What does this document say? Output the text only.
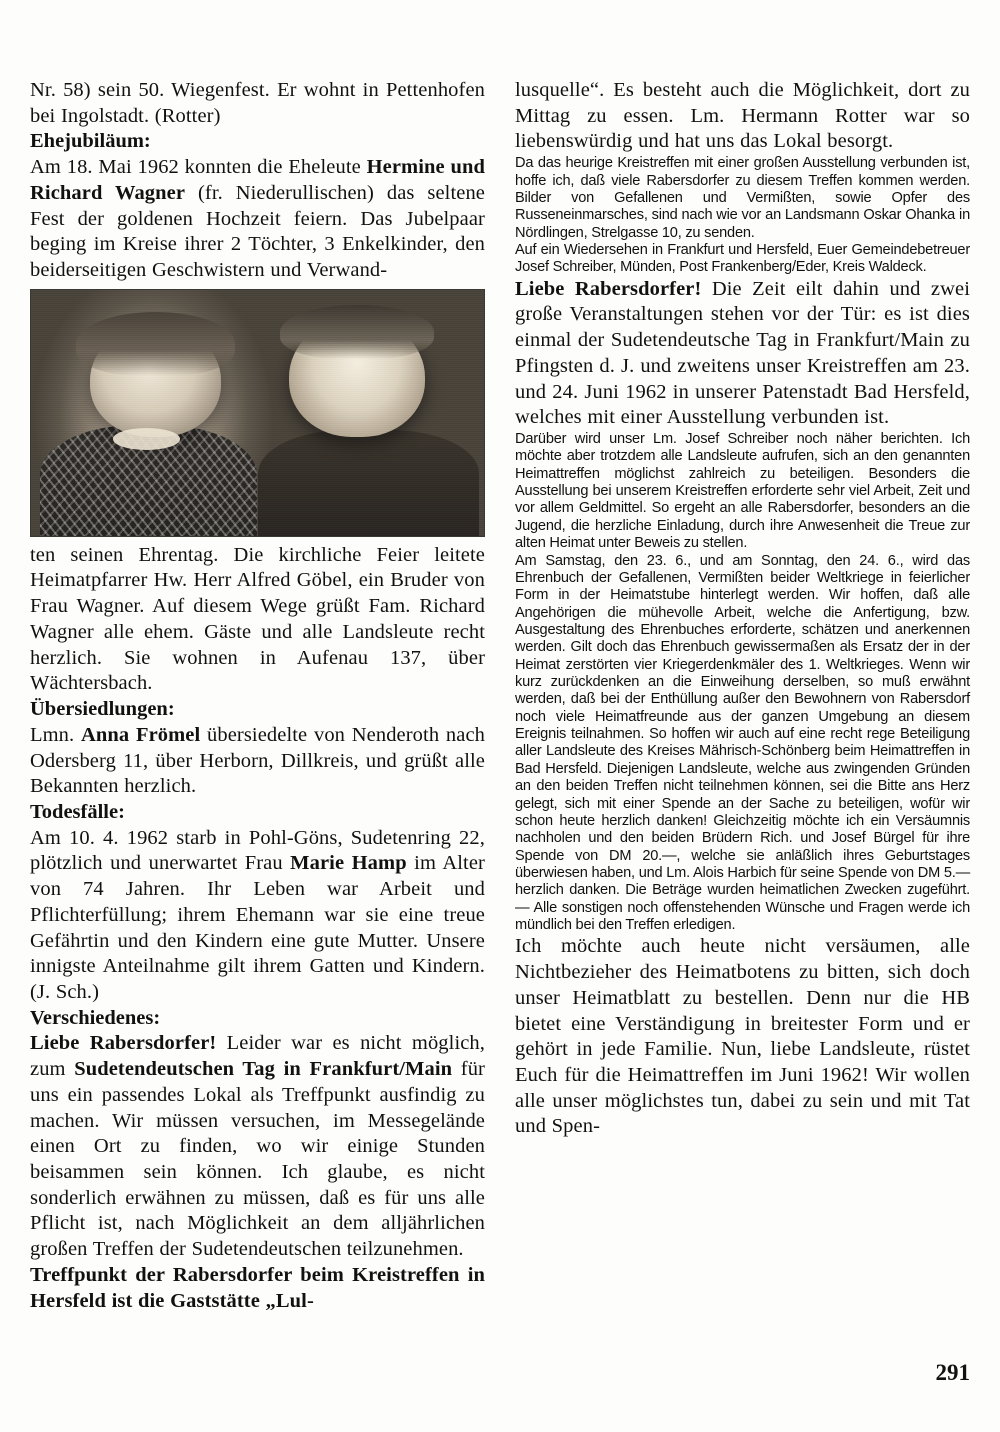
Nr. 58) sein 50. Wiegenfest. Er wohnt in Pettenhofen bei Ingolstadt. (Rotter)

Ehejubiläum:

Am 18. Mai 1962 konnten die Eheleute Hermine und Richard Wagner (fr. Niederullischen) das seltene Fest der goldenen Hochzeit feiern. Das Jubelpaar beging im Kreise ihrer 2 Töchter, 3 Enkelkinder, den beiderseitigen Geschwistern und Verwand-

ten seinen Ehrentag. Die kirchliche Feier leitete Heimatpfarrer Hw. Herr Alfred Göbel, ein Bruder von Frau Wagner. Auf diesem Wege grüßt Fam. Richard Wagner alle ehem. Gäste und alle Landsleute recht herzlich. Sie wohnen in Aufenau 137, über Wächtersbach.

Übersiedlungen:

Lmn. Anna Frömel übersiedelte von Nenderoth nach Odersberg 11, über Herborn, Dillkreis, und grüßt alle Bekannten herzlich.

Todesfälle:

Am 10. 4. 1962 starb in Pohl-Göns, Sudetenring 22, plötzlich und unerwartet Frau Marie Hamp im Alter von 74 Jahren. Ihr Leben war Arbeit und Pflichterfüllung; ihrem Ehemann war sie eine treue Gefährtin und den Kindern eine gute Mutter. Unsere innigste Anteilnahme gilt ihrem Gatten und Kindern. (J. Sch.)

Verschiedenes:

Liebe Rabersdorfer! Leider war es nicht möglich, zum Sudetendeutschen Tag in Frankfurt/Main für uns ein passendes Lokal als Treffpunkt ausfindig zu machen. Wir müssen versuchen, im Messegelände einen Ort zu finden, wo wir einige Stunden beisammen sein können. Ich glaube, es nicht sonderlich erwähnen zu müssen, daß es für uns alle Pflicht ist, nach Möglichkeit an dem alljährlichen großen Treffen der Sudetendeutschen teilzunehmen.

Treffpunkt der Rabersdorfer beim Kreistreffen in Hersfeld ist die Gaststätte „Lul-

lusquelle“. Es besteht auch die Möglichkeit, dort zu Mittag zu essen. Lm. Hermann Rotter war so liebenswürdig und hat uns das Lokal besorgt.

Da das heurige Kreistreffen mit einer großen Ausstellung verbunden ist, hoffe ich, daß viele Rabersdorfer zu diesem Treffen kommen werden. Bilder von Gefallenen und Vermißten, sowie Opfer des Russeneinmarsches, sind nach wie vor an Landsmann Oskar Ohanka in Nördlingen, Strelgasse 10, zu senden.

Auf ein Wiedersehen in Frankfurt und Hersfeld, Euer Gemeindebetreuer Josef Schreiber, Münden, Post Frankenberg/Eder, Kreis Waldeck.

Liebe Rabersdorfer! Die Zeit eilt dahin und zwei große Veranstaltungen stehen vor der Tür: es ist dies einmal der Sudetendeutsche Tag in Frankfurt/Main zu Pfingsten d. J. und zweitens unser Kreistreffen am 23. und 24. Juni 1962 in unserer Patenstadt Bad Hersfeld, welches mit einer Ausstellung verbunden ist.

Darüber wird unser Lm. Josef Schreiber noch näher berichten. Ich möchte aber trotzdem alle Landsleute aufrufen, sich an den genannten Heimattreffen möglichst zahlreich zu beteiligen. Besonders die Ausstellung bei unserem Kreistreffen erforderte sehr viel Arbeit, Zeit und vor allem Geldmittel. So ergeht an alle Rabersdorfer, besonders an die Jugend, die herzliche Einladung, durch ihre Anwesenheit die Treue zur alten Heimat unter Beweis zu stellen.

Am Samstag, den 23. 6., und am Sonntag, den 24. 6., wird das Ehrenbuch der Gefallenen, Vermißten beider Weltkriege in feierlicher Form in der Heimatstube hinterlegt werden. Wir hoffen, daß alle Angehörigen die mühevolle Arbeit, welche die Anfertigung, bzw. Ausgestaltung des Ehrenbuches erforderte, schätzen und anerkennen werden. Gilt doch das Ehrenbuch gewissermaßen als Ersatz der in der Heimat zerstörten vier Kriegerdenkmäler des 1. Weltkrieges. Wenn wir kurz zurückdenken an die Einweihung derselben, so muß erwähnt werden, daß bei der Enthüllung außer den Bewohnern von Rabersdorf noch viele Heimatfreunde aus der ganzen Umgebung an diesem Ereignis teilnahmen. So hoffen wir auch auf eine recht rege Beteiligung aller Landsleute des Kreises Mährisch-Schönberg beim Heimattreffen in Bad Hersfeld. Diejenigen Landsleute, welche aus zwingenden Gründen an den beiden Treffen nicht teilnehmen können, sei die Bitte ans Herz gelegt, sich mit einer Spende an der Sache zu beteiligen, wofür wir schon heute herzlich danken! Gleichzeitig möchte ich ein Versäumnis nachholen und den beiden Brüdern Rich. und Josef Bürgel für ihre Spende von DM 20.—, welche sie anläßlich ihres Geburtstages überwiesen haben, und Lm. Alois Harbich für seine Spende von DM 5.— herzlich danken. Die Beträge wurden heimatlichen Zwecken zugeführt. — Alle sonstigen noch offenstehenden Wünsche und Fragen werde ich mündlich bei den Treffen erledigen.

Ich möchte auch heute nicht versäumen, alle Nichtbezieher des Heimatbotens zu bitten, sich doch unser Heimatblatt zu bestellen. Denn nur die HB bietet eine Verständigung in breitester Form und er gehört in jede Familie. Nun, liebe Landsleute, rüstet Euch für die Heimattreffen im Juni 1962! Wir wollen alle unser möglichstes tun, dabei zu sein und mit Tat und Spen-

291
